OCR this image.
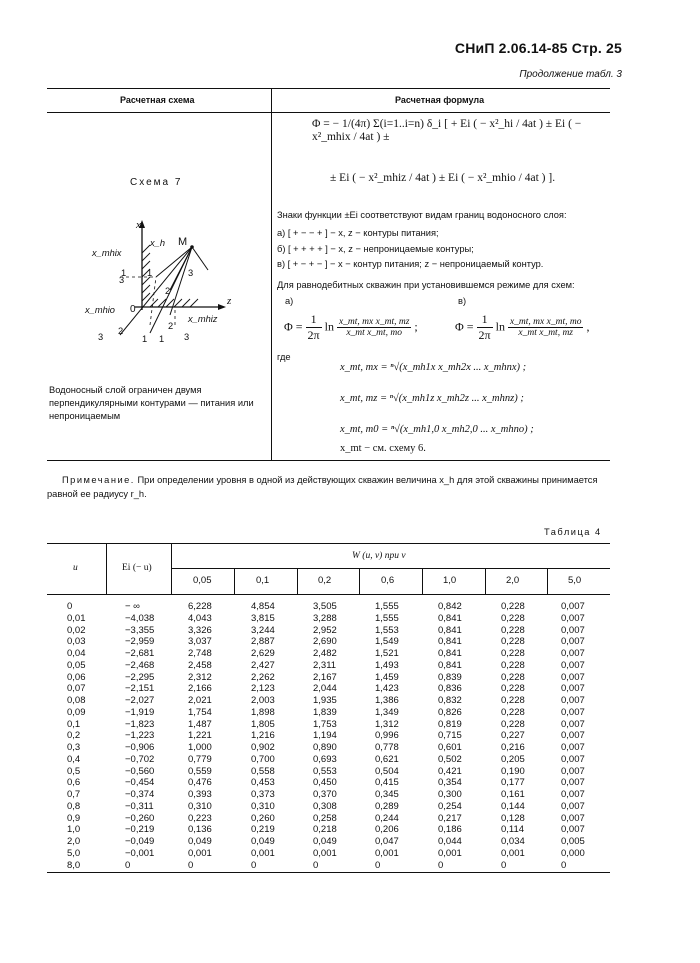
СНиП 2.06.14-85 Стр. 25
Продолжение табл. 3
Расчетная схема	Расчетная формула
Схема 7
x
z
0
M
x_h
x_mhix
x_mhio
x_mhiz
1 1
2
3
3
3
2
1 1
2
3
Водоносный слой ограничен двумя перпендикулярными контурами — питания или непроницаемым
Φ = − 1/(4π) Σ(i=1..i=n) δ_i [ + Ei ( − x²_hi / 4at ) ± Ei ( − x²_mhix / 4at ) ±
± Ei ( − x²_mhiz / 4at ) ± Ei ( − x²_mhio / 4at ) ].
Знаки функции ±Ei соответствуют видам границ водоносного слоя:
а) [ + − − + ] − x, z − контуры питания;
б) [ + + + + ] − x, z − непроницаемые контуры;
в) [ + − + − ] − x − контур питания; z − непроницаемый контур.
Для равнодебитных скважин при установившемся режиме для схем:
а)	в)
$\Phi = \frac{1}{2\pi}$ $\ln \frac{\text{x\_mt, mx x\_mt, mz}}{\text{x\_mt x\_mt, mo}}$ ;	$\Phi = \frac{1}{2\pi}$ $\ln \frac{\text{x\_mt, mx x\_mt, mo}}{\text{x\_mt x\_mt, mz}}$ ,
где
x_mt, mx = ⁿ√(x_mh1x x_mh2x ... x_mhnx) ;
x_mt, mz = ⁿ√(x_mh1z x_mh2z ... x_mhnz) ;
x_mt, m0 = ⁿ√(x_mh1,0 x_mh2,0 ... x_mhno) ;
x_mt − см. схему 6.
Примечание. При определении уровня в одной из действующих скважин величина x_h для этой скважины принимается
равной ее радиусу r_h.
Таблица 4
u	Ei (− u)
W (u, v) при v
0,05	0,1	0,2	0,6	1,0	2,0	5,0
0	− ∞	6,228	4,854	3,505	1,555	0,842	0,228	0,007
0,01	−4,038	4,043	3,815	3,288	1,555	0,841	0,228	0,007
0,02	−3,355	3,326	3,244	2,952	1,553	0,841	0,228	0,007
0,03	−2,959	3,037	2,887	2,690	1,549	0,841	0,228	0,007
0,04	−2,681	2,748	2,629	2,482	1,521	0,841	0,228	0,007
0,05	−2,468	2,458	2,427	2,311	1,493	0,841	0,228	0,007
0,06	−2,295	2,312	2,262	2,167	1,459	0,839	0,228	0,007
0,07	−2,151	2,166	2,123	2,044	1,423	0,836	0,228	0,007
0,08	−2,027	2,021	2,003	1,935	1,386	0,832	0,228	0,007
0,09	−1,919	1,754	1,898	1,839	1,349	0,826	0,228	0,007
0,1	−1,823	1,487	1,805	1,753	1,312	0,819	0,228	0,007
0,2	−1,223	1,221	1,216	1,194	0,996	0,715	0,227	0,007
0,3	−0,906	1,000	0,902	0,890	0,778	0,601	0,216	0,007
0,4	−0,702	0,779	0,700	0,693	0,621	0,502	0,205	0,007
0,5	−0,560	0,559	0,558	0,553	0,504	0,421	0,190	0,007
0,6	−0,454	0,476	0,453	0,450	0,415	0,354	0,177	0,007
0,7	−0,374	0,393	0,373	0,370	0,345	0,300	0,161	0,007
0,8	−0,311	0,310	0,310	0,308	0,289	0,254	0,144	0,007
0,9	−0,260	0,223	0,260	0,258	0,244	0,217	0,128	0,007
1,0	−0,219	0,136	0,219	0,218	0,206	0,186	0,114	0,007
2,0	−0,049	0,049	0,049	0,049	0,047	0,044	0,034	0,005
5,0	−0,001	0,001	0,001	0,001	0,001	0,001	0,001	0,000
8,0	0	0	0	0	0	0	0	0
